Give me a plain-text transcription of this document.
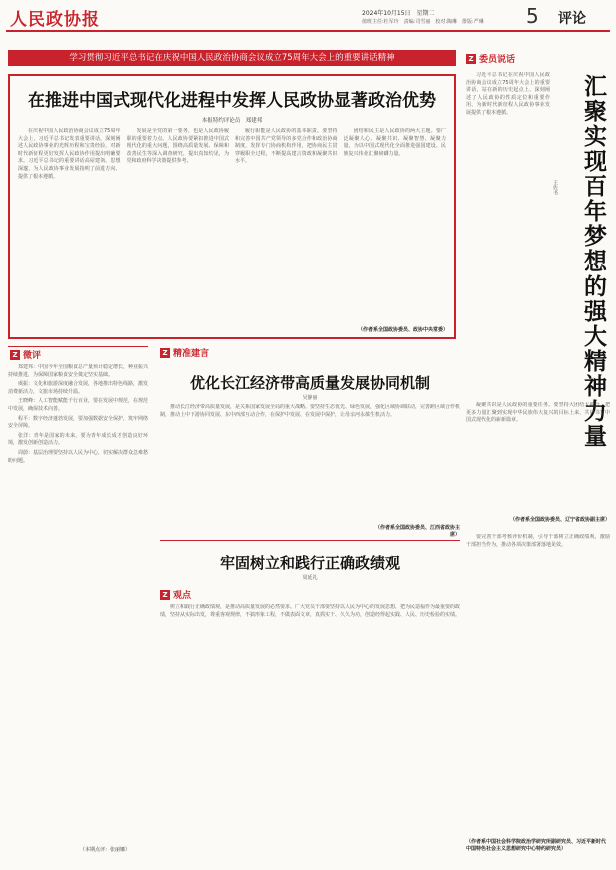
人民政协报	2024年10月15日　星期二
值班主任:杜军玲　责编:司雪丽　校对:陶琳　排版:严琳 5 评论
学习贯彻习近平总书记在庆祝中国人民政治协商会议成立75周年大会上的重要讲话精神
在推进中国式现代化进程中发挥人民政协显著政治优势
本报特约评论员　郑建邦
在庆祝中国人民政治协商会议成立75周年大会上，习近平总书记发表重要讲话，深刻阐述人民政协事业的光辉历程和宝贵经验，对新时代新征程更好发挥人民政协作用提出明确要求。习近平总书记的重要讲话高屋建瓴、思想深邃，为人民政协事业发展指明了前进方向、提供了根本遵循。
发展是全党的第一要务，也是人民政协履职的重要着力点。人民政协要紧扣推进中国式现代化的重大问题，围绕高质量发展、保障和改善民生等深入调查研究，提出真知灼见，为党和政府科学决策提供参考。
履行职能是人民政协的基本职责。要坚持和完善中国共产党领导的多党合作和政治协商制度，发挥专门协商机构作用，把协商民主贯穿履职全过程，不断提高建言资政和凝聚共识水平。
团结和民主是人民政协的两大主题。要广泛凝聚人心、凝聚共识、凝聚智慧、凝聚力量，为以中国式现代化全面推进强国建设、民族复兴伟业汇聚磅礴力量。
（作者系全国政协委员、政协中央常委）
Z 委员说话
汇聚实现百年梦想的强大精神力量
王佐书
习近平总书记在庆祝中国人民政治协商会议成立75周年大会上的重要讲话，站在新的历史起点上，深刻阐述了人民政协的性质定位和重要作用，为新时代新征程人民政协事业发展提供了根本遵循。
凝聚共识是人民政协的重要任务。要坚持大团结大联合，把更多力量汇聚到实现中华民族伟大复兴的目标上来，共同书写中国式现代化的崭新篇章。
（作者系全国政协委员、辽宁省政协副主席）
Z 微评
郑建邦：中国今年全国粮食总产量预计稳定增长，种业振兴持续推进，为保障国家粮食安全奠定坚实基础。
虞振：文化和旅游深度融合发展，各地推出特色线路，激发消费新活力，文旅市场持续升温。
王晓峰：人工智能赋能千行百业，要在发展中规范，在规范中发展，确保技术向善。
程平：数字经济蓬勃发展，要加强数据安全保护，筑牢网络安全屏障。
张洋：青年是国家的未来，要为青年成长成才创造良好环境，激发创新创造活力。
周蔚：基层治理要坚持以人民为中心，切实解决群众急难愁盼问题。
（本期点评：张丽娜）
Z 精准建言
优化长江经济带高质量发展协同机制
吴静丽
推动长江经济带高质量发展，是关系国家发展全局的重大战略。要坚持生态优先、绿色发展，强化区域协调联动，完善跨区域合作机制，推动上中下游协同发展、东中西部互动合作，在保护中发展、在发展中保护，让母亲河永葆生机活力。
（作者系全国政协委员、江西省政协主席）
牢固树立和践行正确政绩观
周延礼
Z 观点
树立和践行正确政绩观，是推动高质量发展的必然要求。广大党员干部要坚持以人民为中心的发展思想，把为民造福作为最重要的政绩，坚持从实际出发，尊重客观规律，不搞形象工程，不做表面文章，真抓实干、久久为功，创造经得起实践、人民、历史检验的实绩。
要完善干部考核评价机制，引导干部树立正确政绩观，激励干部担当作为，推动各项决策部署落地见效。
（作者系中国社会科学院政治学研究所副研究员、习近平新时代中国特色社会主义思想研究中心特约研究员）
